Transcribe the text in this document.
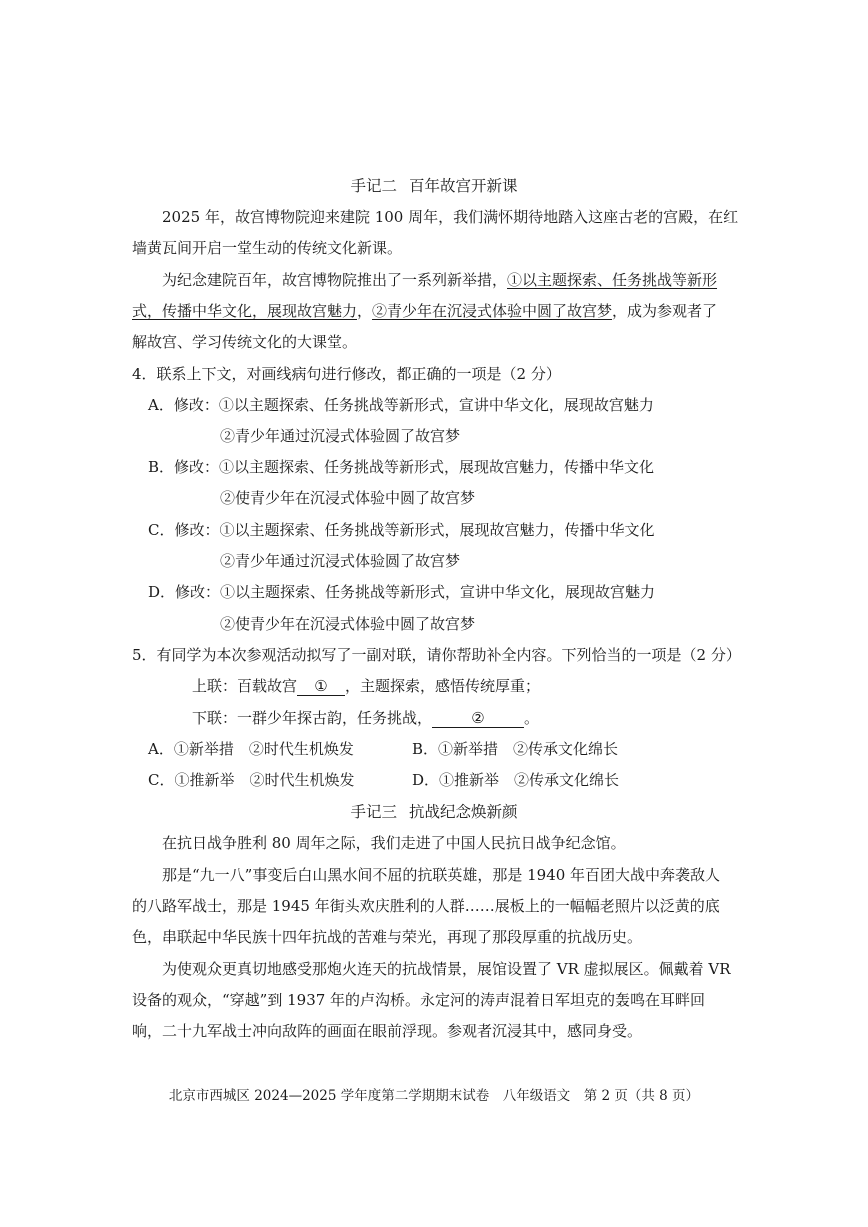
手记二 百年故宫开新课
2025 年，故宫博物院迎来建院 100 周年，我们满怀期待地踏入这座古老的宫殿，在红
墙黄瓦间开启一堂生动的传统文化新课。
为纪念建院百年，故宫博物院推出了一系列新举措，①以主题探索、任务挑战等新形
式，传播中华文化，展现故宫魅力，②青少年在沉浸式体验中圆了故宫梦，成为参观者了
解故宫、学习传统文化的大课堂。
4．联系上下文，对画线病句进行修改，都正确的一项是（2 分）
A．修改：①以主题探索、任务挑战等新形式，宣讲中华文化，展现故宫魅力
②青少年通过沉浸式体验圆了故宫梦
B．修改：①以主题探索、任务挑战等新形式，展现故宫魅力，传播中华文化
②使青少年在沉浸式体验中圆了故宫梦
C．修改：①以主题探索、任务挑战等新形式，展现故宫魅力，传播中华文化
②青少年通过沉浸式体验圆了故宫梦
D．修改：①以主题探索、任务挑战等新形式，宣讲中华文化，展现故宫魅力
②使青少年在沉浸式体验中圆了故宫梦
5．有同学为本次参观活动拟写了一副对联，请你帮助补全内容。下列恰当的一项是（2 分）
上联：百载故宫 ① ，主题探索，感悟传统厚重；
下联：一群少年探古韵，任务挑战，	②	。
A．①新举措　②时代生机焕发	B．①新举措　②传承文化绵长
C．①推新举　②时代生机焕发	D．①推新举　②传承文化绵长
手记三 抗战纪念焕新颜
在抗日战争胜利 80 周年之际，我们走进了中国人民抗日战争纪念馆。
那是“九一八”事变后白山黑水间不屈的抗联英雄，那是 1940 年百团大战中奔袭敌人
的八路军战士，那是 1945 年街头欢庆胜利的人群……展板上的一幅幅老照片以泛黄的底
色，串联起中华民族十四年抗战的苦难与荣光，再现了那段厚重的抗战历史。
为使观众更真切地感受那炮火连天的抗战情景，展馆设置了 VR 虚拟展区。佩戴着 VR
设备的观众，“穿越”到 1937 年的卢沟桥。永定河的涛声混着日军坦克的轰鸣在耳畔回
响，二十九军战士冲向敌阵的画面在眼前浮现。参观者沉浸其中，感同身受。
北京市西城区 2024—2025 学年度第二学期期末试卷　八年级语文　第 2 页（共 8 页）
